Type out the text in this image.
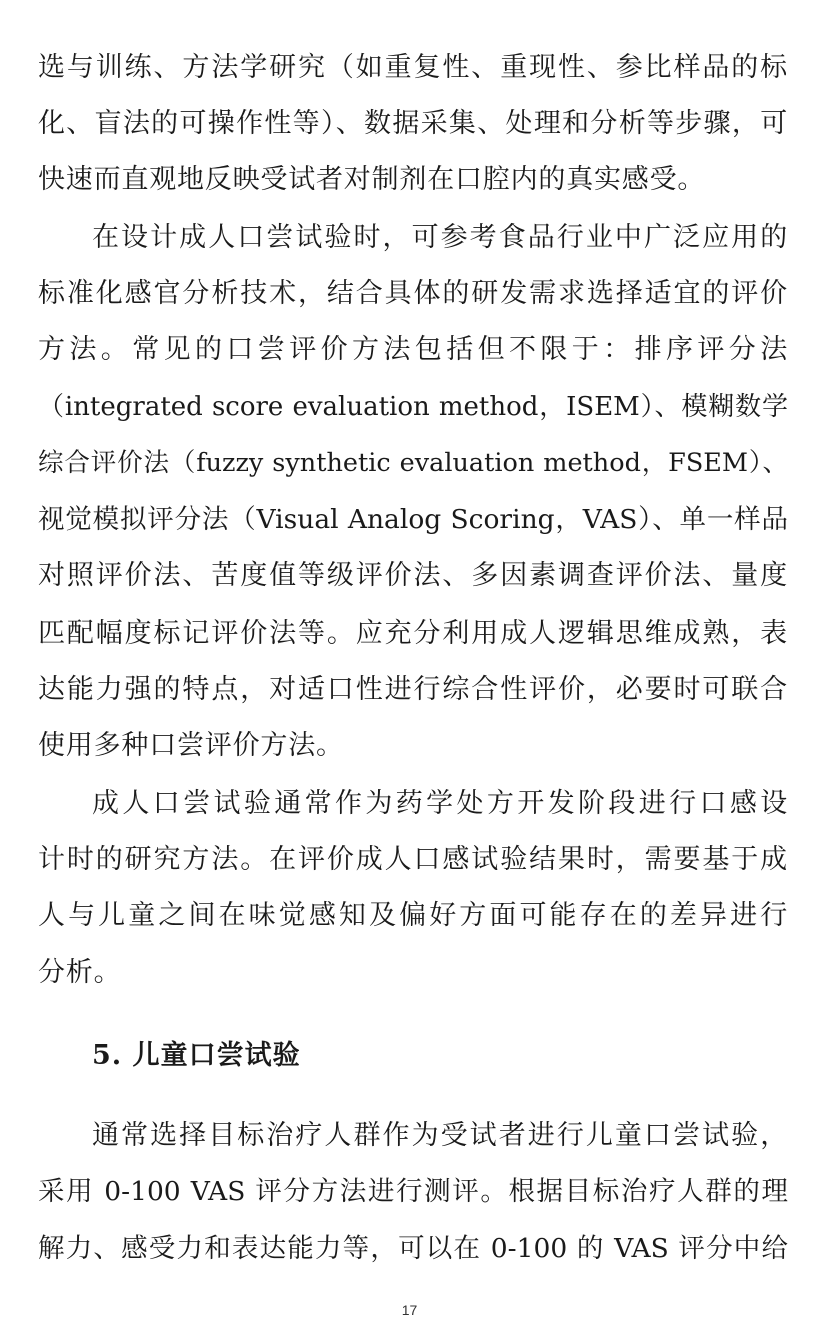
选与训练、方法学研究（如重复性、重现性、参比样品的标
化、盲法的可操作性等）、数据采集、处理和分析等步骤，可
快速而直观地反映受试者对制剂在口腔内的真实感受。
在设计成人口尝试验时，可参考食品行业中广泛应用的
标准化感官分析技术，结合具体的研发需求选择适宜的评价
方法。常见的口尝评价方法包括但不限于：排序评分法
（integrated score evaluation method，ISEM）、模糊数学
综合评价法（fuzzy synthetic evaluation method，FSEM）、
视觉模拟评分法（Visual Analog Scoring，VAS）、单一样品
对照评价法、苦度值等级评价法、多因素调查评价法、量度
匹配幅度标记评价法等。应充分利用成人逻辑思维成熟，表
达能力强的特点，对适口性进行综合性评价，必要时可联合
使用多种口尝评价方法。
成人口尝试验通常作为药学处方开发阶段进行口感设
计时的研究方法。在评价成人口感试验结果时，需要基于成
人与儿童之间在味觉感知及偏好方面可能存在的差异进行
分析。
5. 儿童口尝试验
通常选择目标治疗人群作为受试者进行儿童口尝试验，
采用 0-100 VAS 评分方法进行测评。根据目标治疗人群的理
解力、感受力和表达能力等，可以在 0-100 的 VAS 评分中给
17
